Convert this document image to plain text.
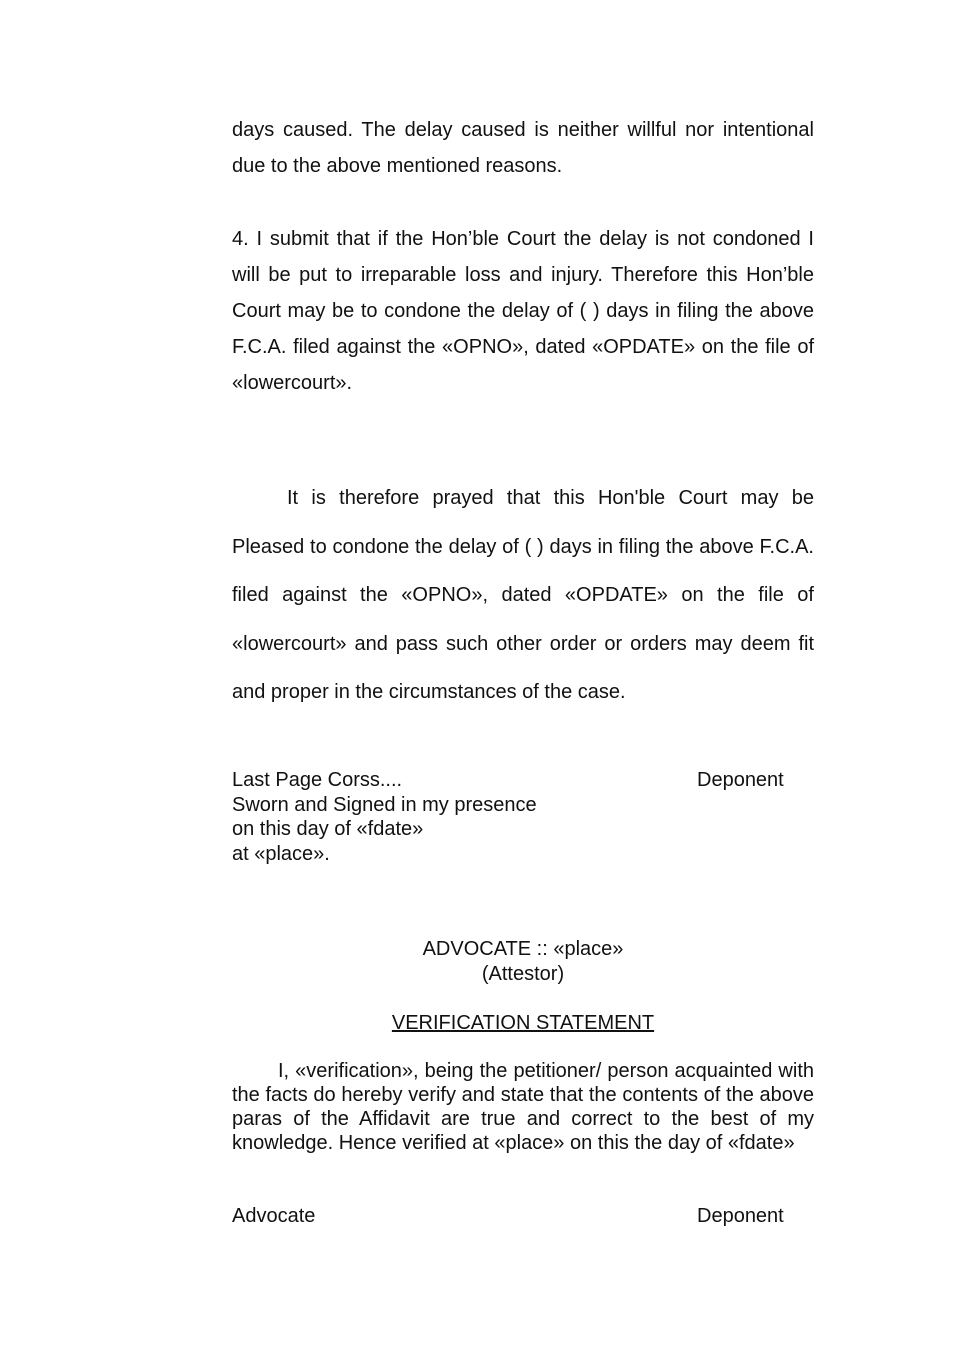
days caused. The delay caused is neither willful nor intentional due to the above mentioned reasons.
4. I submit that if the Hon’ble Court the delay is not condoned I will be put to irreparable loss and injury. Therefore this Hon’ble Court may be to condone the delay of ( ) days in filing the above F.C.A. filed against the «OPNO», dated «OPDATE» on the file of «lowercourt».
It is therefore prayed that this Hon'ble Court may be Pleased to condone the delay of ( ) days in filing the above F.C.A. filed against the «OPNO», dated «OPDATE» on the file of «lowercourt» and pass such other order or orders may deem fit and proper in the circumstances of the case.
Last Page Corss....
Sworn and Signed in my presence
on this day of «fdate»
at «place».
Deponent
ADVOCATE :: «place»
(Attestor)
VERIFICATION STATEMENT
I, «verification», being the petitioner/ person acquainted with the facts do hereby verify and state that the contents of the above paras of the Affidavit are true and correct to the best of my knowledge. Hence verified at «place» on this the day of «fdate»
Advocate	Deponent
